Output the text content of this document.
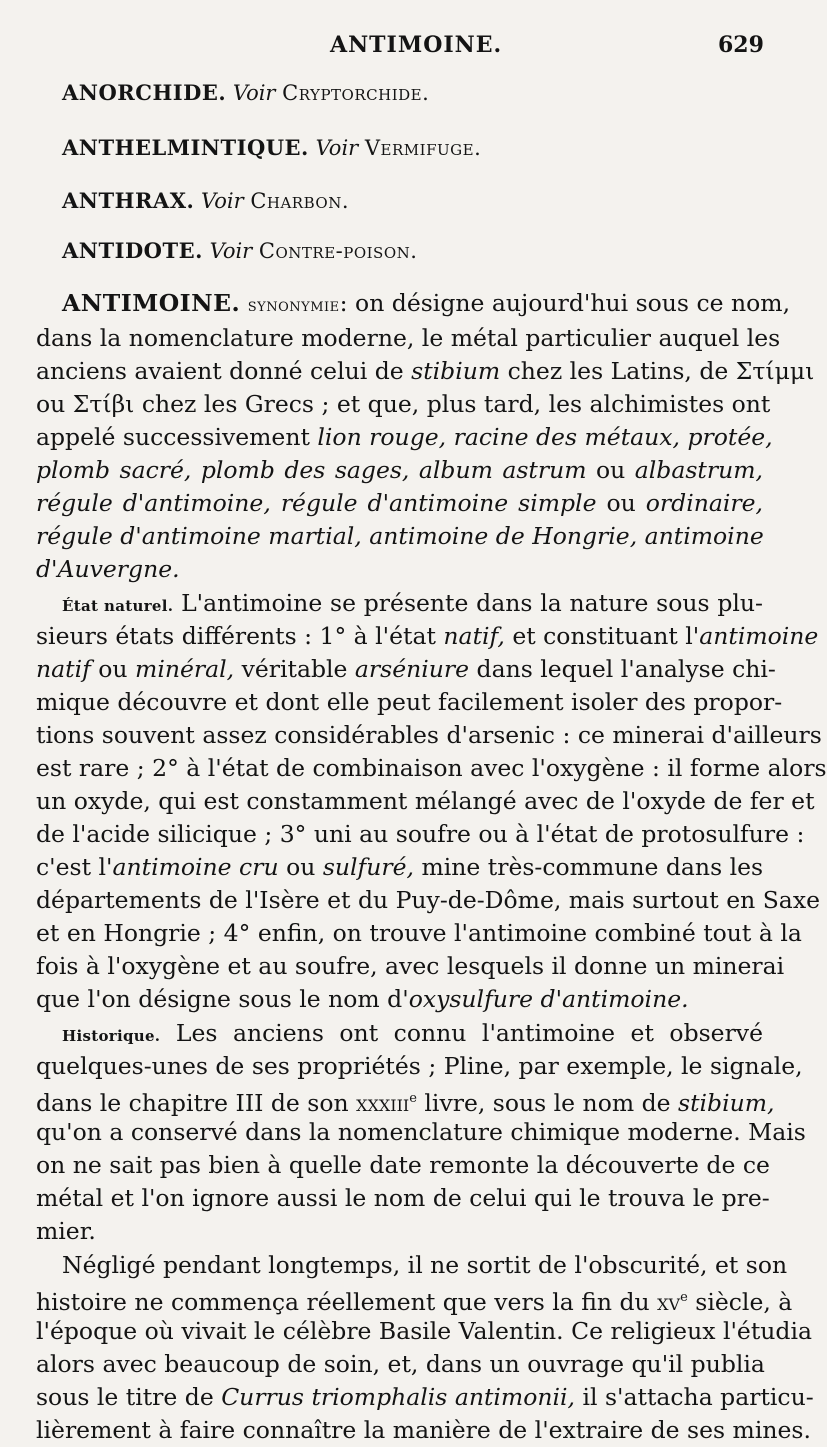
ANTIMOINE.	629
ANORCHIDE. Voir Cryptorchide.
ANTHELMINTIQUE. Voir Vermifuge.
ANTHRAX. Voir Charbon.
ANTIDOTE. Voir Contre-poison.
ANTIMOINE. synonymie: on désigne aujourd'hui sous ce nom,
dans la nomenclature moderne, le métal particulier auquel les
anciens avaient donné celui de stibium chez les Latins, de Στίμμι
ou Στίβι chez les Grecs ; et que, plus tard, les alchimistes ont
appelé successivement lion rouge, racine des métaux, protée,
plomb sacré, plomb des sages, album astrum ou albastrum,
régule d'antimoine, régule d'antimoine simple ou ordinaire,
régule d'antimoine martial, antimoine de Hongrie, antimoine
d'Auvergne.
État naturel. L'antimoine se présente dans la nature sous plu-
sieurs états différents : 1° à l'état natif, et constituant l'antimoine
natif ou minéral, véritable arséniure dans lequel l'analyse chi-
mique découvre et dont elle peut facilement isoler des propor-
tions souvent assez considérables d'arsenic : ce minerai d'ailleurs
est rare ; 2° à l'état de combinaison avec l'oxygène : il forme alors
un oxyde, qui est constamment mélangé avec de l'oxyde de fer et
de l'acide silicique ; 3° uni au soufre ou à l'état de protosulfure :
c'est l'antimoine cru ou sulfuré, mine très-commune dans les
départements de l'Isère et du Puy-de-Dôme, mais surtout en Saxe
et en Hongrie ; 4° enfin, on trouve l'antimoine combiné tout à la
fois à l'oxygène et au soufre, avec lesquels il donne un minerai
que l'on désigne sous le nom d'oxysulfure d'antimoine.
Historique. Les anciens ont connu l'antimoine et observé
quelques-unes de ses propriétés ; Pline, par exemple, le signale,
dans le chapitre III de son xxxiii$^e$ livre, sous le nom de stibium,
qu'on a conservé dans la nomenclature chimique moderne. Mais
on ne sait pas bien à quelle date remonte la découverte de ce
métal et l'on ignore aussi le nom de celui qui le trouva le pre-
mier.
Négligé pendant longtemps, il ne sortit de l'obscurité, et son
histoire ne commença réellement que vers la fin du $xv^e$ siècle, à
l'époque où vivait le célèbre Basile Valentin. Ce religieux l'étudia
alors avec beaucoup de soin, et, dans un ouvrage qu'il publia
sous le titre de Currus triomphalis antimonii, il s'attacha particu-
lièrement à faire connaître la manière de l'extraire de ses mines.
